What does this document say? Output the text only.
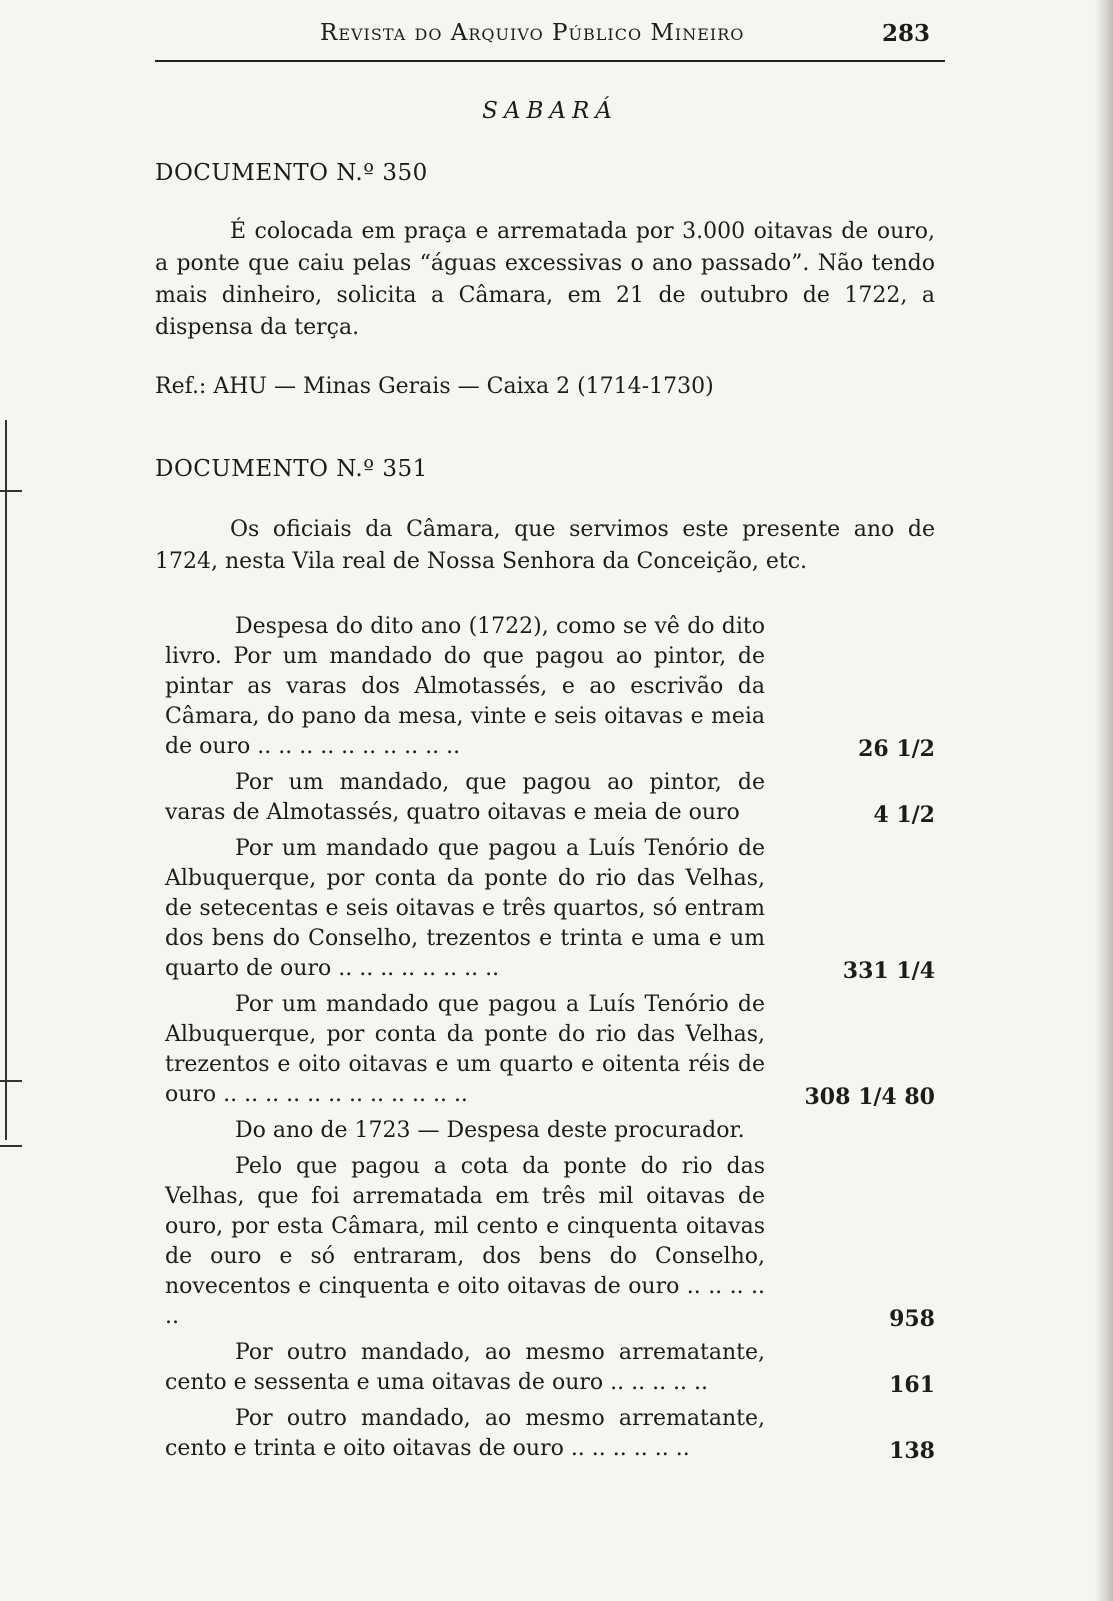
Revista do Arquivo Público Mineiro	283
SABARÁ
DOCUMENTO N.º 350

É colocada em praça e arrematada por 3.000 oitavas de ouro, a ponte que caiu pelas “águas excessivas o ano passado”. Não tendo mais dinheiro, solicita a Câmara, em 21 de outubro de 1722, a dispensa da terça.

Ref.: AHU — Minas Gerais — Caixa 2 (1714-1730)
DOCUMENTO N.º 351

Os oficiais da Câmara, que servimos este presente ano de 1724, nesta Vila real de Nossa Senhora da Conceição, etc.

Despesa do dito ano (1722), como se vê do dito livro. Por um mandado do que pagou ao pintor, de pintar as varas dos Almotassés, e ao escrivão da Câmara, do pano da mesa, vinte e seis oitavas e meia de ouro .. .. .. .. .. .. .. .. .. ..	26 1/2

Por um mandado, que pagou ao pintor, de varas de Almotassés, quatro oitavas e meia de ouro	4 1/2

Por um mandado que pagou a Luís Tenório de Albuquerque, por conta da ponte do rio das Velhas, de setecentas e seis oitavas e três quartos, só entram dos bens do Conselho, trezentos e trinta e uma e um quarto de ouro .. .. .. .. .. .. .. ..	331 1/4

Por um mandado que pagou a Luís Tenório de Albuquerque, por conta da ponte do rio das Velhas, trezentos e oito oitavas e um quarto e oitenta réis de ouro .. .. .. .. .. .. .. .. .. .. .. ..	308 1/4 80
Do ano de 1723 — Despesa deste procurador.

Pelo que pagou a cota da ponte do rio das Velhas, que foi arrematada em três mil oitavas de ouro, por esta Câmara, mil cento e cinquenta oitavas de ouro e só entraram, dos bens do Conselho, novecentos e cinquenta e oito oitavas de ouro .. .. .. .. ..	958

Por outro mandado, ao mesmo arrematante, cento e sessenta e uma oitavas de ouro .. .. .. .. ..	161

Por outro mandado, ao mesmo arrematante, cento e trinta e oito oitavas de ouro .. .. .. .. .. ..	138
